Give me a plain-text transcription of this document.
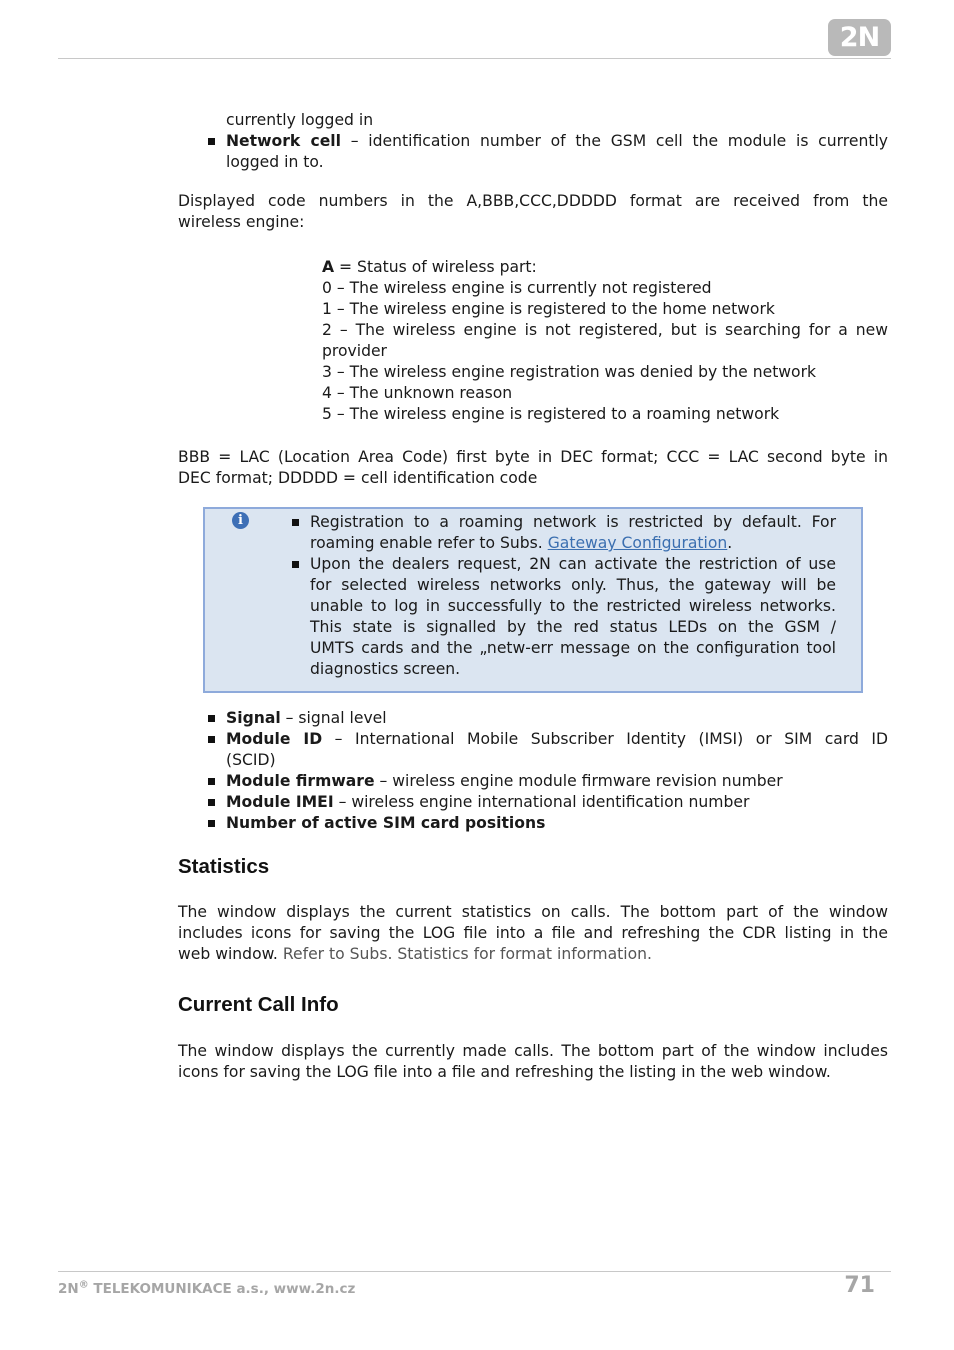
2N
currently logged in
Network cell – identification number of the GSM cell the module is currently
logged in to.
Displayed code numbers in the A,BBB,CCC,DDDDD format are received from the
wireless engine:
A = Status of wireless part:
0 – The wireless engine is currently not registered
1 – The wireless engine is registered to the home network
2 – The wireless engine is not registered, but is searching for a new
provider
3 – The wireless engine registration was denied by the network
4 – The unknown reason
5 – The wireless engine is registered to a roaming network
BBB = LAC (Location Area Code) first byte in DEC format; CCC = LAC second byte in
DEC format; DDDDD = cell identification code
i	Registration to a roaming network is restricted by default. For
roaming enable refer to Subs. Gateway Configuration.
Upon the dealers request, 2N can activate the restriction of use
for selected wireless networks only. Thus, the gateway will be
unable to log in successfully to the restricted wireless networks.
This state is signalled by the red status LEDs on the GSM /
UMTS cards and the „netw-err message on the configuration tool
diagnostics screen.
Signal – signal level
Module ID – International Mobile Subscriber Identity (IMSI) or SIM card ID
(SCID)
Module firmware – wireless engine module firmware revision number
Module IMEI – wireless engine international identification number
Number of active SIM card positions
Statistics
The window displays the current statistics on calls. The bottom part of the window
includes icons for saving the LOG file into a file and refreshing the CDR listing in the
web window. Refer to Subs. Statistics for format information.
Current Call Info
The window displays the currently made calls. The bottom part of the window includes
icons for saving the LOG file into a file and refreshing the listing in the web window.
2N® TELEKOMUNIKACE a.s., www.2n.cz	71
